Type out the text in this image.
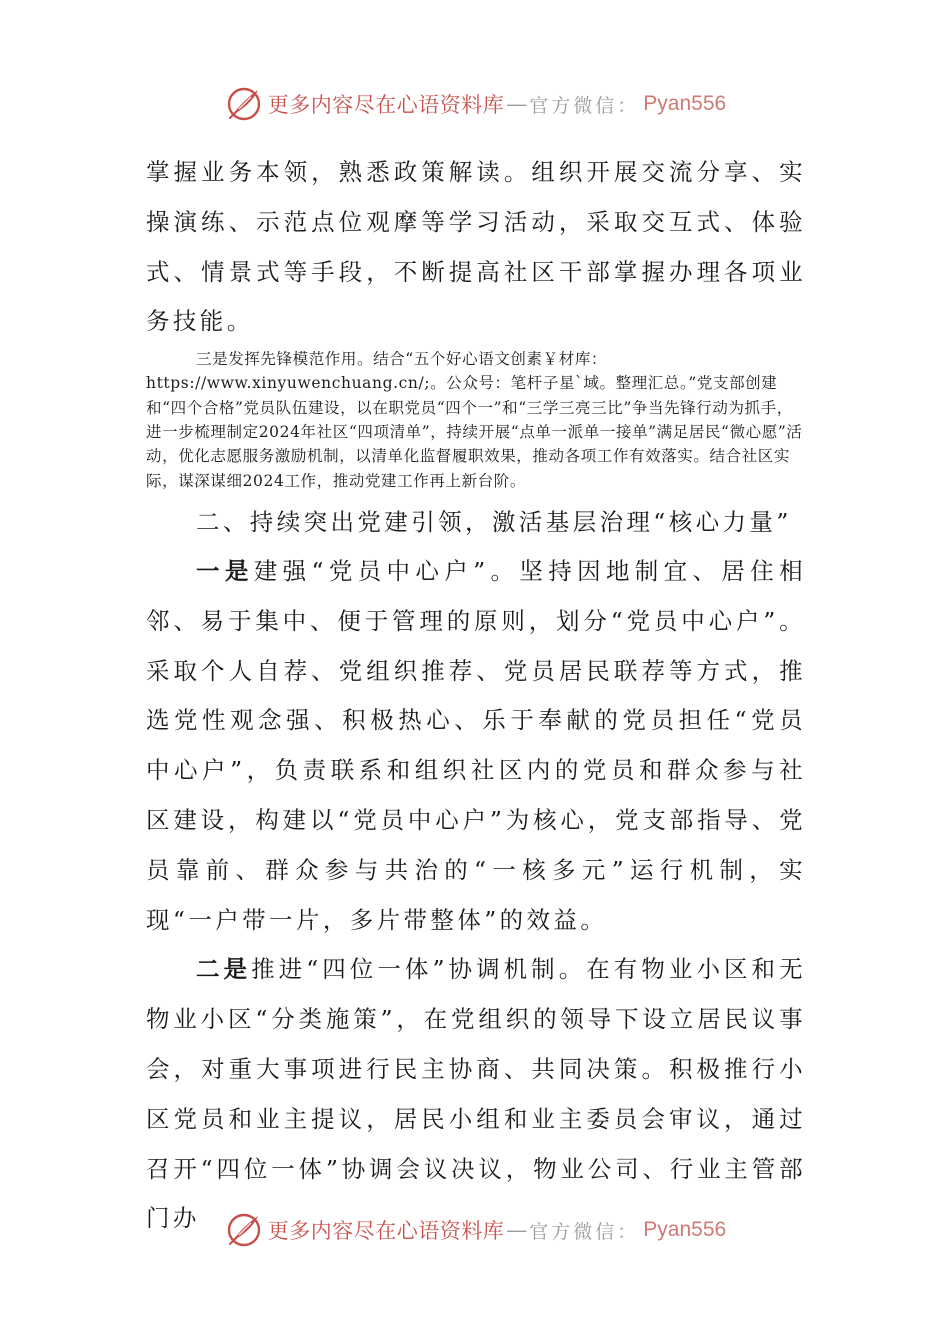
更多内容尽在心语资料库 — 官方微信： Pyan556

掌握业务本领，熟悉政策解读。组织开展交流分享、实操演练、示范点位观摩等学习活动，采取交互式、体验式、情景式等手段，不断提高社区干部掌握办理各项业务技能。

三是发挥先锋模范作用。结合“五个好心语文创素￥材库：https://www.xinyuwenchuang.cn/;。公众号：笔杆子星`域。整理汇总。”党支部创建和“四个合格”党员队伍建设，以在职党员“四个一”和“三学三亮三比”争当先锋行动为抓手，进一步梳理制定2024年社区“四项清单”，持续开展“点单一派单一接单”满足居民“微心愿”活动，优化志愿服务激励机制，以清单化监督履职效果，推动各项工作有效落实。结合社区实际，谋深谋细2024工作，推动党建工作再上新台阶。

二、持续突出党建引领，激活基层治理“核心力量”

一是建强“党员中心户”。坚持因地制宜、居住相邻、易于集中、便于管理的原则，划分“党员中心户”。采取个人自荐、党组织推荐、党员居民联荐等方式，推选党性观念强、积极热心、乐于奉献的党员担任“党员中心户”，负责联系和组织社区内的党员和群众参与社区建设，构建以“党员中心户”为核心，党支部指导、党员靠前、群众参与共治的“一核多元”运行机制，实现“一户带一片，多片带整体”的效益。

二是推进“四位一体”协调机制。在有物业小区和无物业小区“分类施策”，在党组织的领导下设立居民议事会，对重大事项进行民主协商、共同决策。积极推行小区党员和业主提议，居民小组和业主委员会审议，通过召开“四位一体”协调会议决议，物业公司、行业主管部门办	更多内容尽在心语资料库 — 官方微信： Pyan556
